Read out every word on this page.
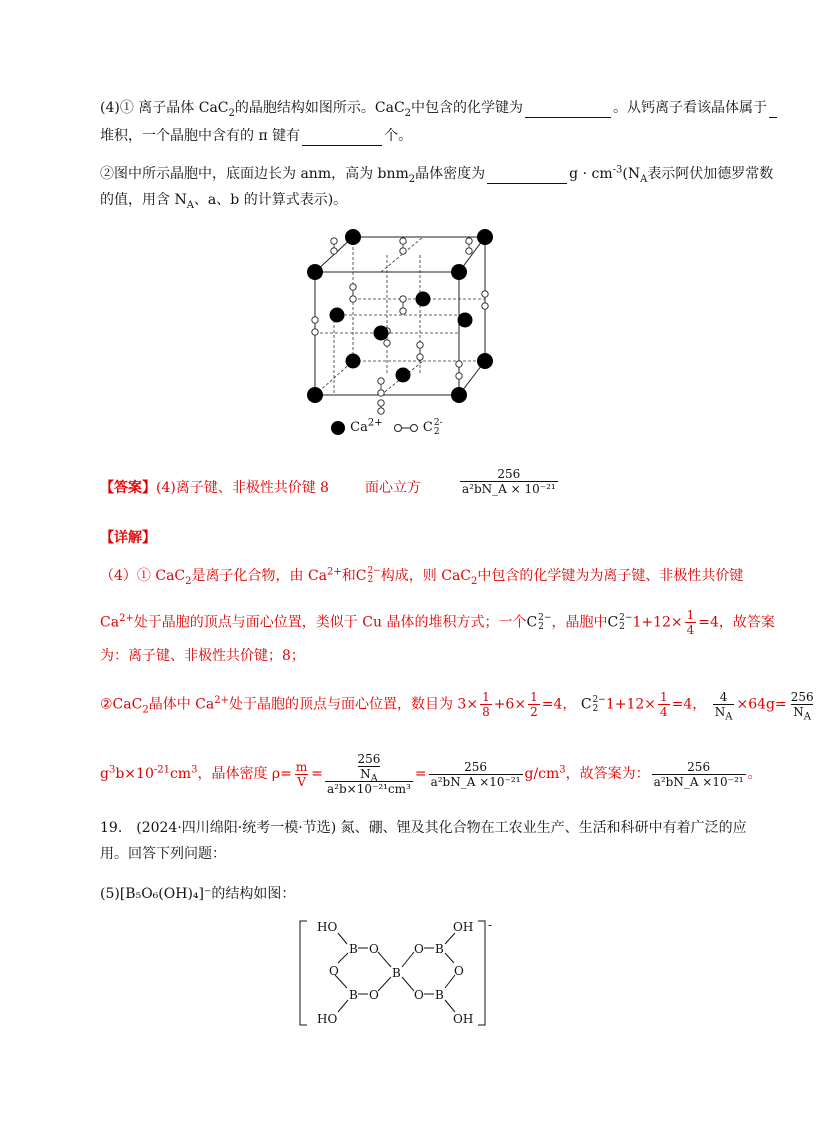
(4)① 离子晶体 CaC$_2$的晶胞结构如图所示。CaC$_2$中包含的化学键为	。从钙离子看该晶体属于
堆积，一个晶胞中含有的 π 键有	个。
②图中所示晶胞中，底面边长为 anm，高为 bnm$_2$晶体密度为	$g \cdot cm^{-3}(N_A$表示阿伏加德罗常数
的值，用含 $N_A$、a、b 的计算式表示)。
$Ca^{2+}$	C 2-
2
【答案】(4)离子键、非极性共价键 8	面心立方	$\frac{256}{\text{a²bN\_A × 10⁻²¹}}$
【详解】
（4）① CaC$_2$是离子化合物，由 $Ca^{2+}$和C 2−
2 构成，则 CaC$_2$中包含的化学键为为离子键、非极性共价键
$Ca^{2+}$处于晶胞的顶点与面心位置，类似于 Cu 晶体的堆积方式；一个C 2−
2 ，晶胞中C 2−
2 $1+12\times \frac{1}{4} =4$，故答案
为：离子键、非极性共价键；8；
②CaC$_2$晶体中 $Ca^{2+}$处于晶胞的顶点与面心位置，数目为 $3\times \frac{1}{8} +6\times \frac{1}{2} =4$， C 2−
2 $1+12\times \frac{1}{4} =4$， $\frac{4}{N_A} \times 64g= \frac{256}{N_A}$
$g^3b\times 10^{-21}cm^3$，晶体密度 $\rho= \frac{m}{V} = \frac{\frac{256}{N_A}}{\text{a²b×10⁻²¹cm³}} = \frac{256}{\text{a²bN\_A ×10⁻²¹}} g/cm^3$，故答案为： $\frac{256}{\text{a²bN\_A ×10⁻²¹}}$ 。
19.　(2024·四川绵阳·统考一模·节选) 氮、硼、锂及其化合物在工农业生产、生活和科研中有着广泛的应
用。回答下列问题：
(5)[B₅O₆(OH)₄]⁻的结构如图：
-
HO
B O
O	B
B O
HO
O B
OH
O
O B
OH
